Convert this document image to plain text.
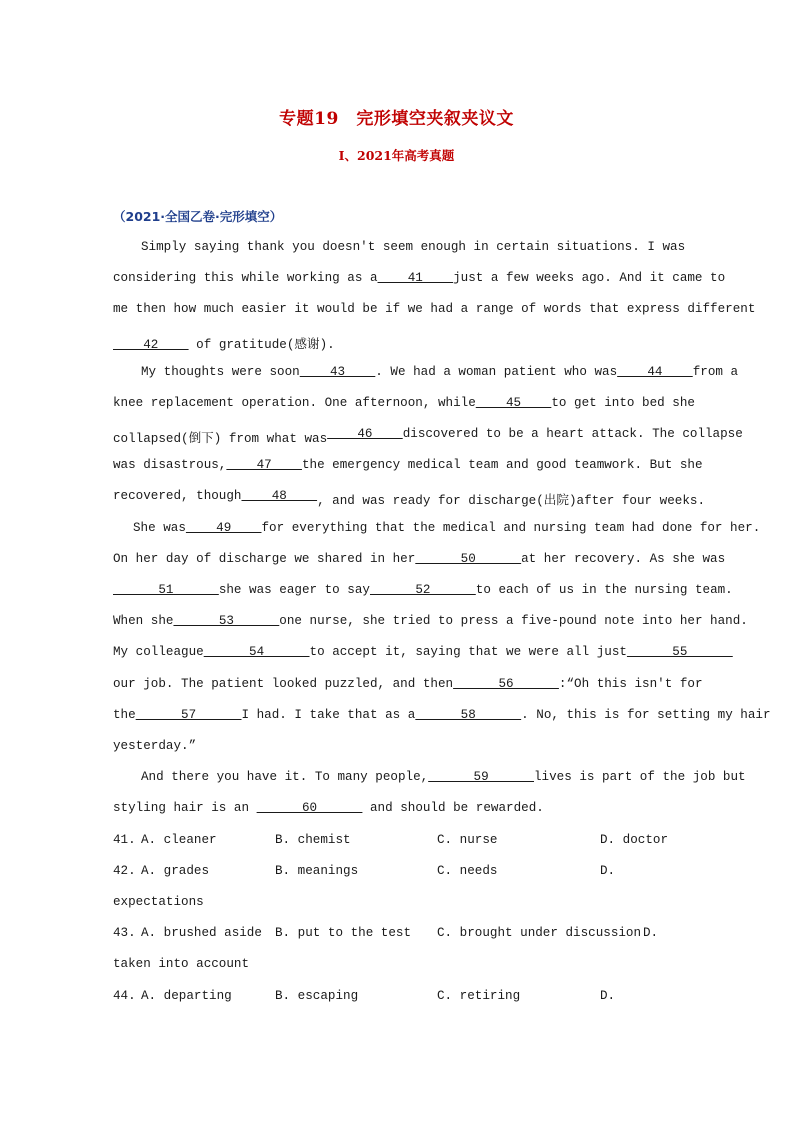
专题19　完形填空夹叙夹议文
I、2021年高考真题
（2021·全国乙卷·完形填空）
Simply saying thank you doesn't seem enough in certain situations. I was
considering this while working as a 41 just a few weeks ago. And it came to
me then how much easier it would be if we had a range of words that express different
42     of gratitude(感谢).
My thoughts were soon 43 . We had a woman patient who was 44 from a
knee replacement operation. One afternoon, while 45 to get into bed she
collapsed(倒下) from what was 46 discovered to be a heart attack. The collapse
was disastrous, 47 the emergency medical team and good teamwork. But she
recovered, though 48 , and was ready for discharge(出院)after four weeks.
She was 49 for everything that the medical and nursing team had done for her.
On her day of discharge we shared in her 50 at her recovery. As she was
51 she was eager to say 52 to each of us in the nursing team.
When she 53 one nurse, she tried to press a five-pound note into her hand.
My colleague 54 to accept it, saying that we were all just 55
our job. The patient looked puzzled, and then 56 :“Oh this isn't for
the      57 I had. I take that as a 58 . No, this is for setting my hair
yesterday.”
And there you have it. To many people, 59 lives is part of the job but
styling hair is an       60       and should be rewarded.
41. A. cleaner	B. chemist	C. nurse	D. doctor
42. A. grades	B. meanings	C. needs	D.
expectations
43. A. brushed aside B. put to the test C. brought under discussion D.
taken into account
44. A. departing	B. escaping	C. retiring	D.
